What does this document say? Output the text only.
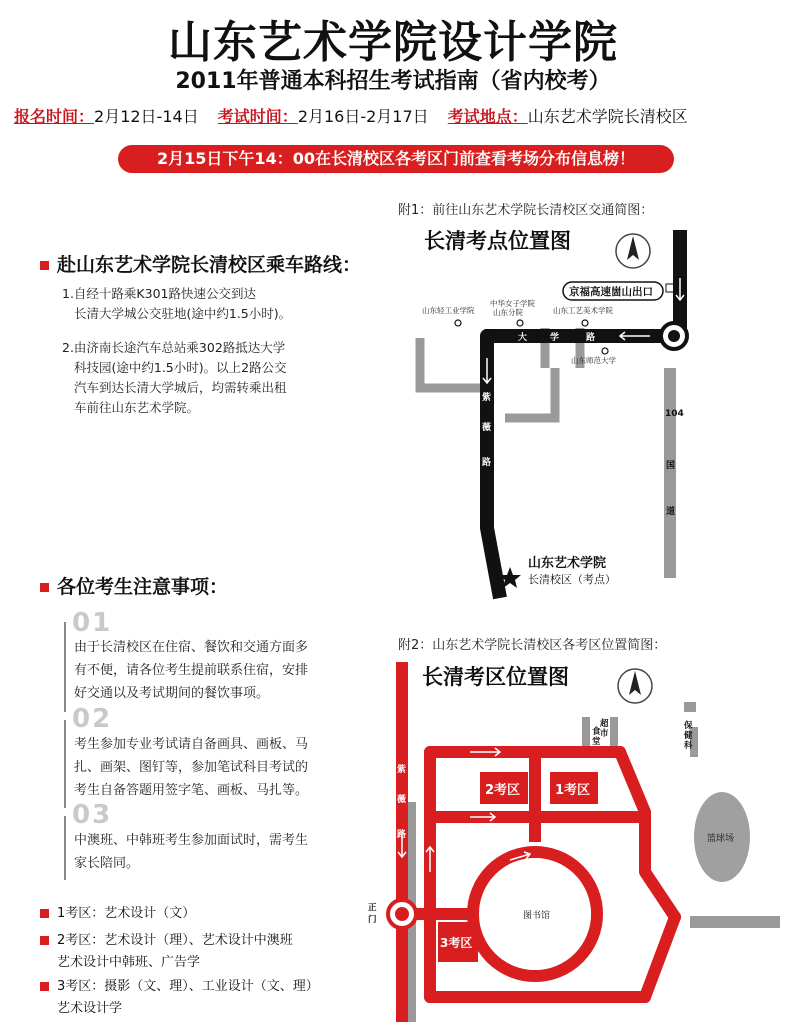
山东艺术学院设计学院
2011年普通本科招生考试指南（省内校考）
报名时间：2月12日-14日 考试时间：2月16日-2月17日 考试地点：山东艺术学院长清校区
2月15日下午14：00在长清校区各考区门前查看考场分布信息榜！
赴山东艺术学院长清校区乘车路线：
1.自经十路乘K301路快速公交到达
长清大学城公交驻地(途中约1.5小时)。
2.由济南长途汽车总站乘302路抵达大学
科技园(途中约1.5小时)。以上2路公交
汽车到达长清大学城后，均需转乘出租
车前往山东艺术学院。
各位考生注意事项：
01
由于长清校区在住宿、餐饮和交通方面多
有不便，请各位考生提前联系住宿，安排
好交通以及考试期间的餐饮事项。
02
考生参加专业考试请自备画具、画板、马
扎、画架、图钉等，参加笔试科目考试的
考生自备答题用签字笔、画板、马扎等。
03
中澳班、中韩班考生参加面试时，需考生
家长陪同。
1考区：艺术设计（文）
2考区：艺术设计（理）、艺术设计中澳班
艺术设计中韩班、广告学
3考区：摄影（文、理）、工业设计（文、理）
艺术设计学
附1：前往山东艺术学院长清校区交通简图：
长清考点位置图
京福高速崮山出口
山东轻工业学院
中华女子学院
山东分院	山东工艺美术学院
山东师范大学
大	学	路
紫
薇
路
104
国
道
山东艺术学院
长清校区（考点）
附2：山东艺术学院长清校区各考区位置简图：
长清考区位置图
2考区	1考区
3考区
图书馆
篮球场
食
堂
超
市
保
健
科
正
门
紫
薇
路
